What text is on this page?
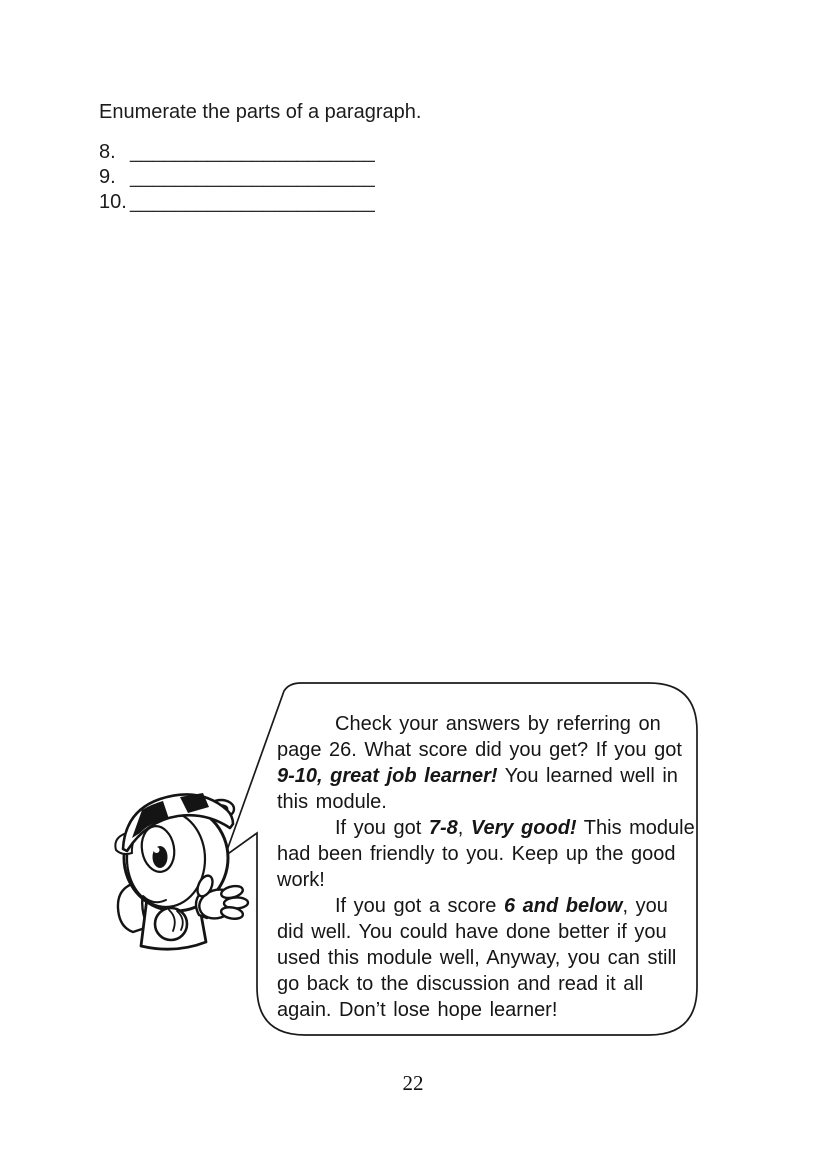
Enumerate the parts of a paragraph.
8. ______________________
9. ______________________
10. ______________________
Check your answers by referring on
page 26. What score did you get? If you got
9-10, great job learner! You learned well in
this module.
If you got 7-8, Very good! This module
had been friendly to you. Keep up the good
work!
If you got a score 6 and below, you
did well. You could have done better if you
used this module well, Anyway, you can still
go back to the discussion and read it all
again. Don’t lose hope learner!
22
